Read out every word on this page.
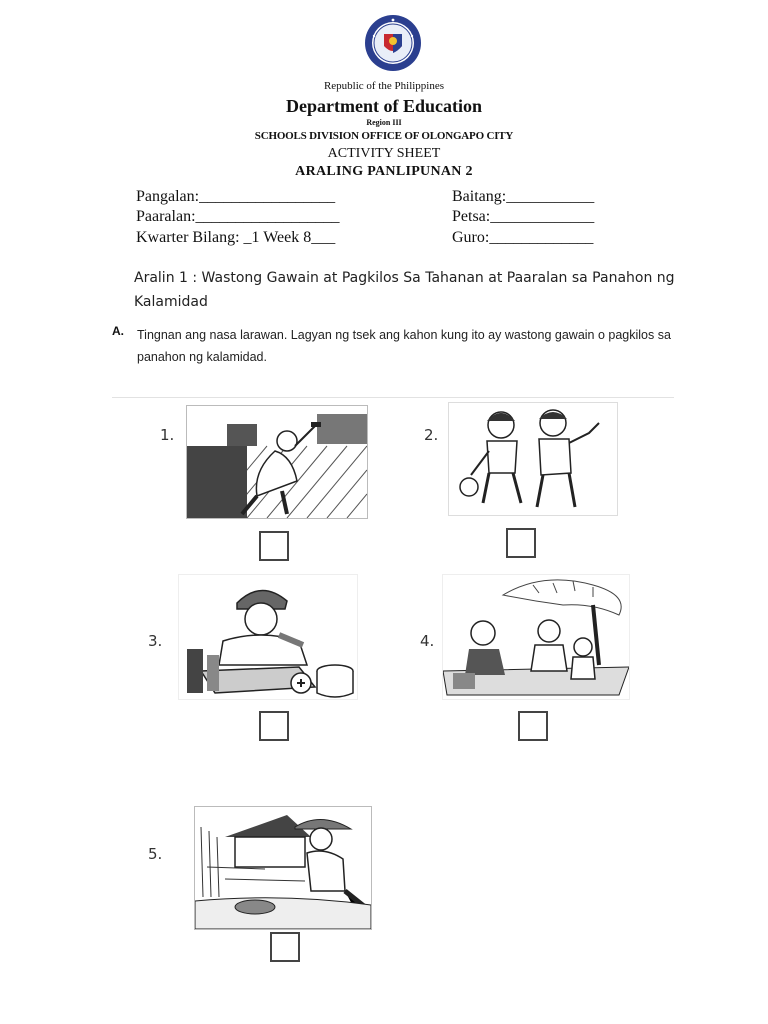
Republic of the Philippines
Department of Education
Region III
SCHOOLS DIVISION OFFICE OF OLONGAPO CITY
ACTIVITY SHEET
ARALING PANLIPUNAN 2
Pangalan:_________________	Baitang:___________
Paaralan:__________________	Petsa:_____________
Kwarter Bilang: _1 Week 8___	Guro:_____________
Aralin 1 : Wastong Gawain at Pagkilos Sa Tahanan at Paaralan sa Panahon ng Kalamidad
A. Tingnan ang nasa larawan. Lagyan ng tsek ang kahon kung ito ay wastong gawain o pagkilos sa panahon ng kalamidad.
1.	2.
3.	4.
5.
